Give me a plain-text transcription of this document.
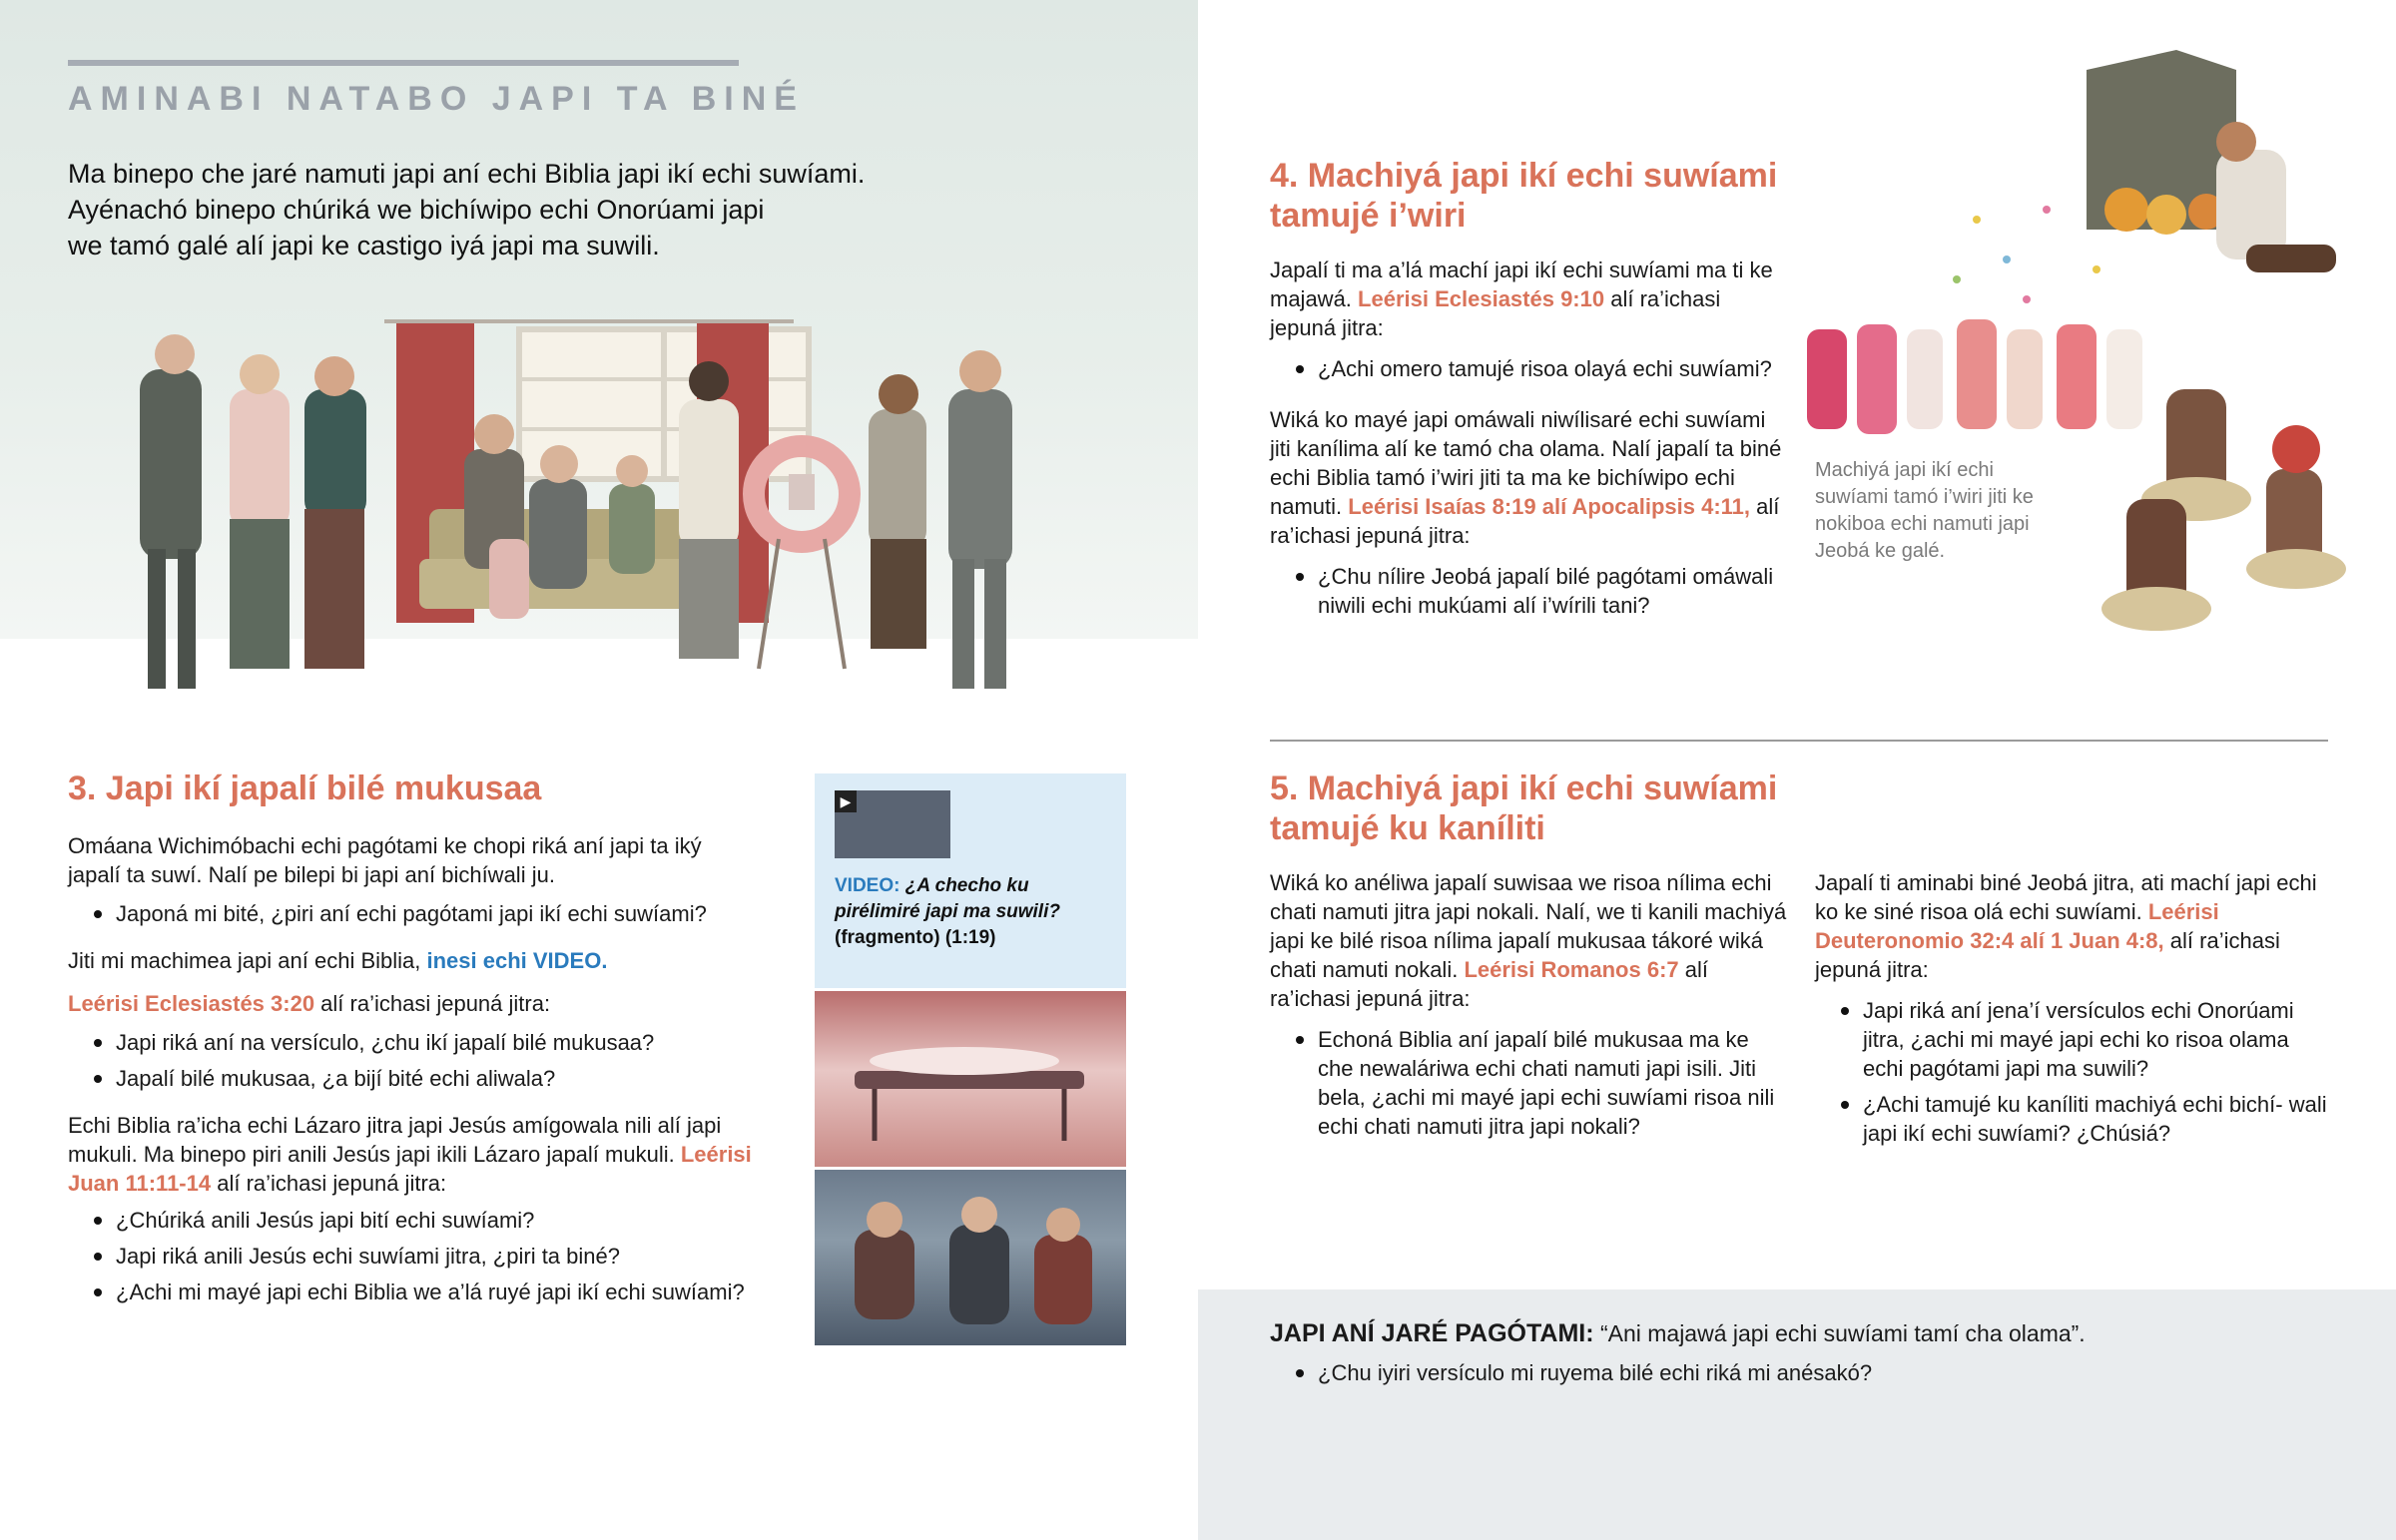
AMINABI NATABO JAPI TA BINÉ
Ma binepo che jaré namuti japi aní echi Biblia japi ikí echi suwíami.
Ayénachó binepo chúriká we bichíwipo echi Onorúami japi
we tamó galé alí japi ke castigo iyá japi ma suwili.
3. Japi ikí japalí bilé mukusaa
Omáana Wichimóbachi echi pagótami ke chopi riká aní japi ta iký japalí ta suwí. Nalí pe bilepi bi japi aní bichíwali ju.
Japoná mi bité, ¿piri aní echi pagótami japi ikí echi suwíami?
Jiti mi machimea japi aní echi Biblia, inesi echi VIDEO.
Leérisi Eclesiastés 3:20 alí ra’ichasi jepuná jitra:
Japi riká aní na versículo, ¿chu ikí japalí bilé mukusaa?
Japalí bilé mukusaa, ¿a bijí bité echi aliwala?
Echi Biblia ra’icha echi Lázaro jitra japi Jesús amígowala nili alí japi mukuli. Ma binepo piri anili Jesús japi ikili Lázaro japalí mukuli. Leérisi Juan 11:11-14 alí ra’ichasi jepuná jitra:
¿Chúriká anili Jesús japi bití echi suwíami?
Japi riká anili Jesús echi suwíami jitra, ¿piri ta biné?
¿Achi mi mayé japi echi Biblia we a’lá ruyé japi ikí echi suwíami?
▶
VIDEO: ¿A checho ku pirélimiré japi ma suwili?
(fragmento) (1:19)
4. Machiyá japi ikí echi suwíami tamujé i’wiri
Japalí ti ma a’lá machí japi ikí echi suwíami ma ti ke majawá. Leérisi Eclesiastés 9:10 alí ra’ichasi jepuná jitra:
¿Achi omero tamujé risoa olayá echi suwíami?
Wiká ko mayé japi omáwali niwílisaré echi suwíami jiti kanílima alí ke tamó cha olama. Nalí japalí ta biné echi Biblia tamó i’wiri jiti ta ma ke bichíwipo echi namuti. Leérisi Isaías 8:19 alí Apocalipsis 4:11, alí ra’ichasi jepuná jitra:
¿Chu nílire Jeobá japalí bilé pagótami omáwali niwili echi mukúami alí i’wírili tani?
Machiyá japi ikí echi suwíami tamó i’wiri jiti ke nokiboa echi namuti japi Jeobá ke galé.
5. Machiyá japi ikí echi suwíami tamujé ku kaníliti
Wiká ko anéliwa japalí suwisaa we risoa nílima echi chati namuti jitra japi nokali. Nalí, we ti kanili machiyá japi ke bilé risoa nílima japalí mukusaa tákoré wiká chati namuti nokali. Leérisi Romanos 6:7 alí ra’ichasi jepuná jitra:
Echoná Biblia aní japalí bilé mukusaa ma ke che newaláriwa echi chati namuti japi isili. Jiti bela, ¿achi mi mayé japi echi suwíami risoa nili echi chati namuti jitra japi nokali?
Japalí ti aminabi biné Jeobá jitra, ati machí japi echi ko ke siné risoa olá echi suwíami. Leérisi Deuteronomio 32:4 alí 1 Juan 4:8, alí ra’ichasi jepuná jitra:
Japi riká aní jena’í versículos echi Onorúami jitra, ¿achi mi mayé japi echi ko risoa olama echi pagótami japi ma suwili?
¿Achi tamujé ku kaníliti machiyá echi bichí- wali japi ikí echi suwíami? ¿Chúsiá?
JAPI ANÍ JARÉ PAGÓTAMI: “Ani majawá japi echi suwíami tamí cha olama”.
¿Chu iyiri versículo mi ruyema bilé echi riká mi anésakó?
